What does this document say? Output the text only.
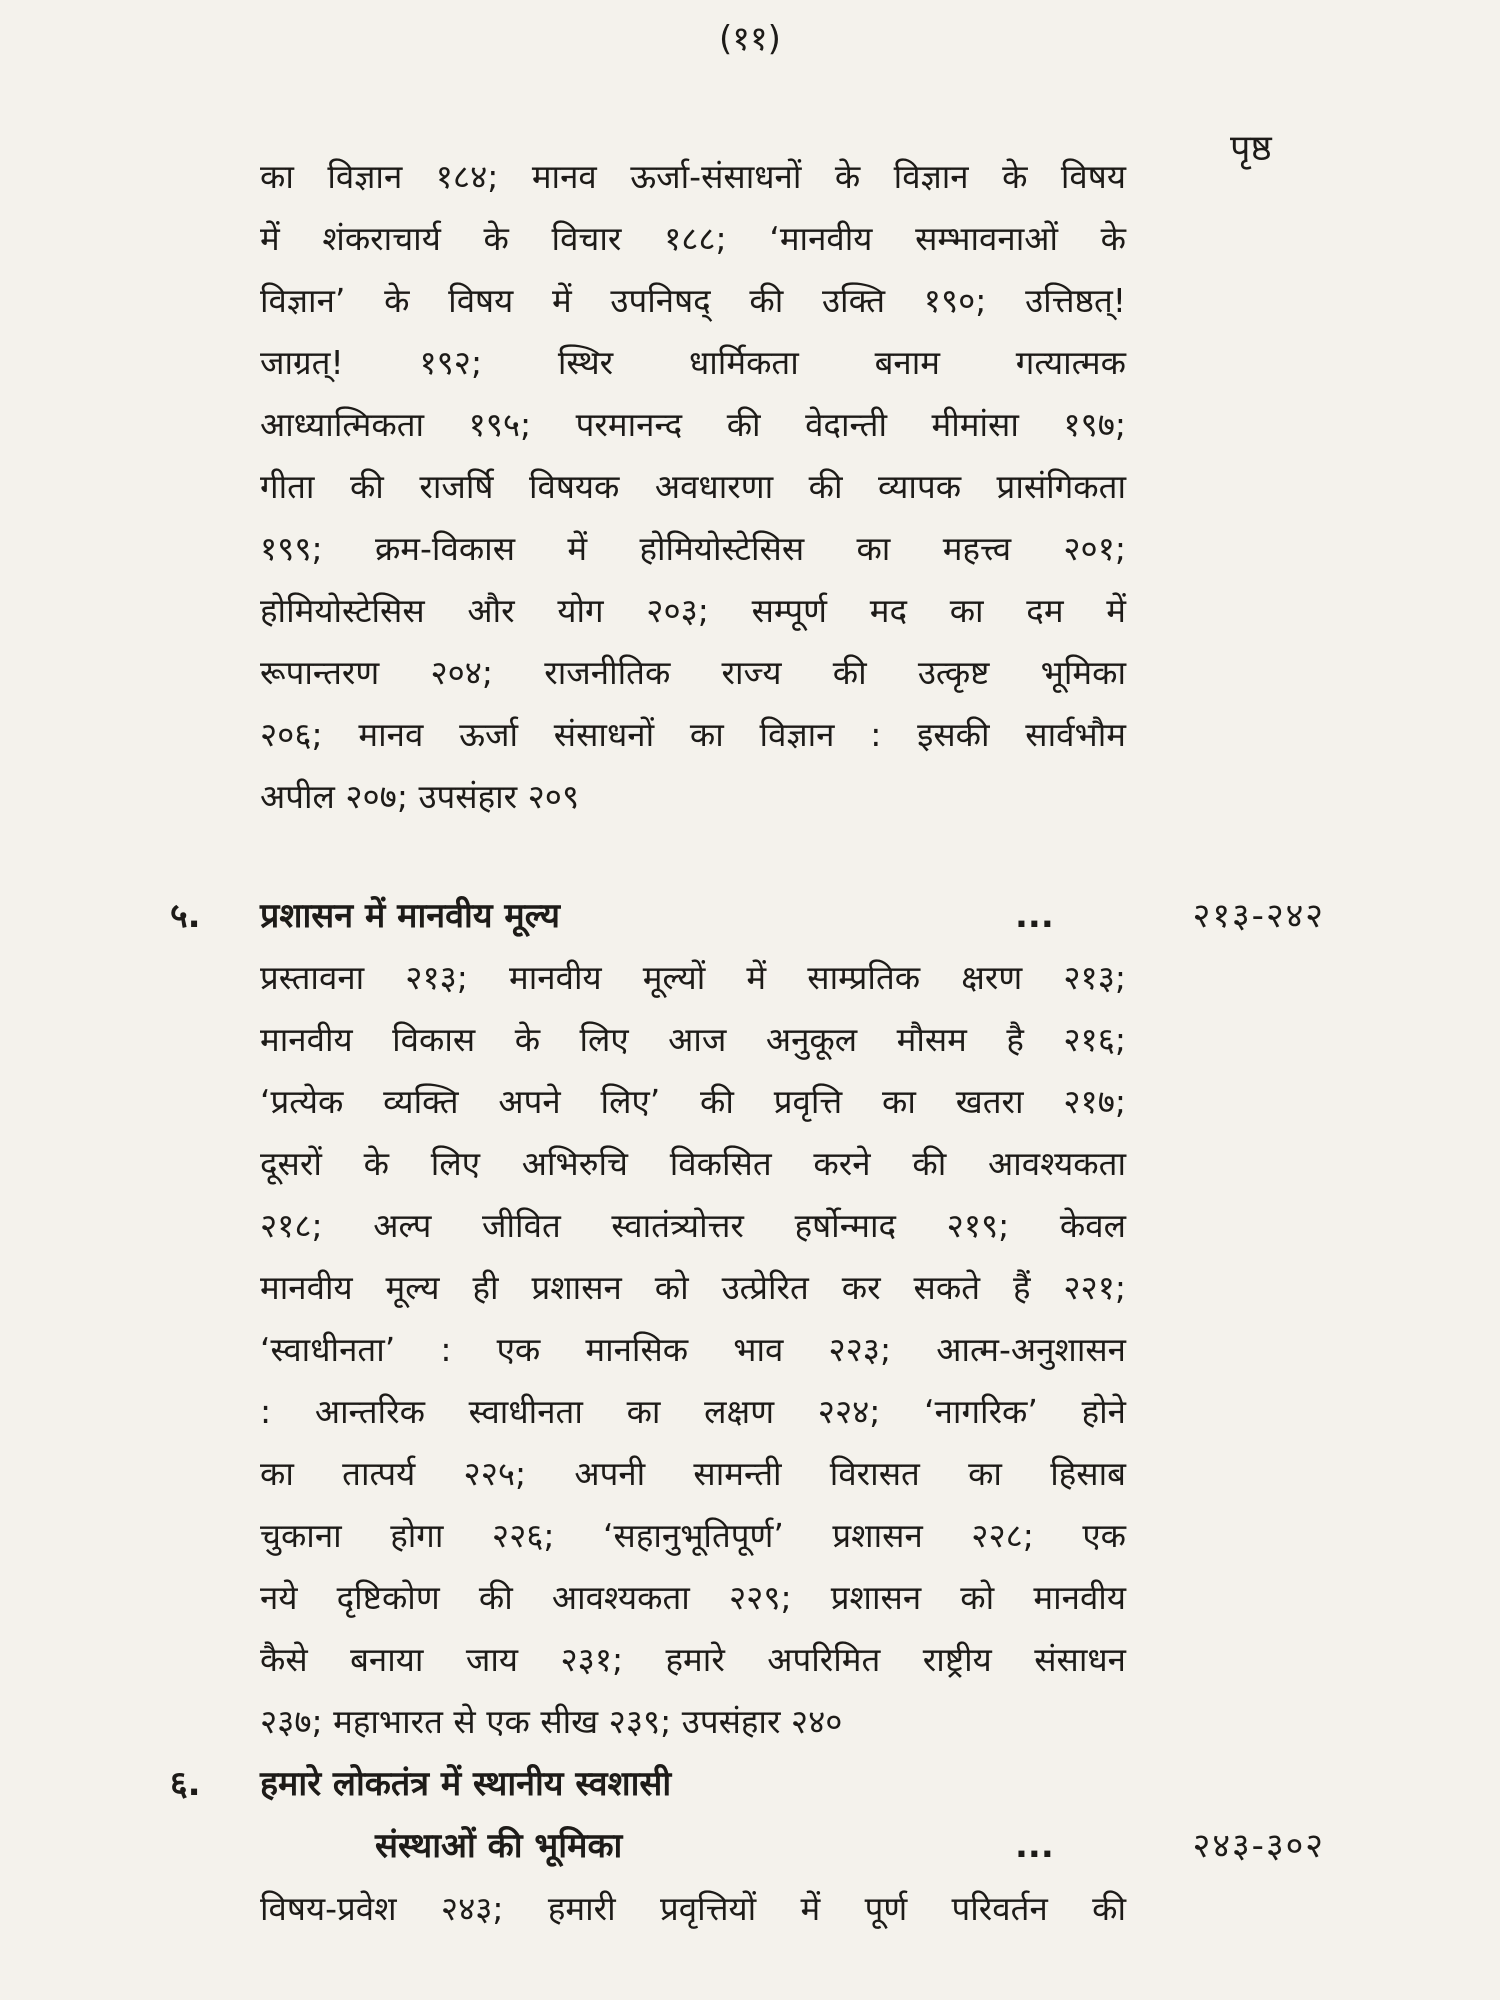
(११)
पृष्ठ
का विज्ञान १८४; मानव ऊर्जा-संसाधनों के विज्ञान के विषय
में शंकराचार्य के विचार १८८; ‘मानवीय सम्भावनाओं के
विज्ञान’ के विषय में उपनिषद् की उक्ति १९०; उत्तिष्ठत्!
जाग्रत्! १९२; स्थिर धार्मिकता बनाम गत्यात्मक
आध्यात्मिकता १९५; परमानन्द की वेदान्ती मीमांसा १९७;
गीता की राजर्षि विषयक अवधारणा की व्यापक प्रासंगिकता
१९९; क्रम-विकास में होमियोस्टेसिस का महत्त्व २०१;
होमियोस्टेसिस और योग २०३; सम्पूर्ण मद का दम में
रूपान्तरण २०४; राजनीतिक राज्य की उत्कृष्ट भूमिका
२०६; मानव ऊर्जा संसाधनों का विज्ञान : इसकी सार्वभौम
अपील २०७; उपसंहार २०९
५. प्रशासन में मानवीय मूल्य	...	२१३-२४२
प्रस्तावना २१३; मानवीय मूल्यों में साम्प्रतिक क्षरण २१३;
मानवीय विकास के लिए आज अनुकूल मौसम है २१६;
‘प्रत्येक व्यक्ति अपने लिए’ की प्रवृत्ति का खतरा २१७;
दूसरों के लिए अभिरुचि विकसित करने की आवश्यकता
२१८; अल्प जीवित स्वातंत्र्योत्तर हर्षोन्माद २१९; केवल
मानवीय मूल्य ही प्रशासन को उत्प्रेरित कर सकते हैं २२१;
‘स्वाधीनता’ : एक मानसिक भाव २२३; आत्म-अनुशासन
: आन्तरिक स्वाधीनता का लक्षण २२४; ‘नागरिक’ होने
का तात्पर्य २२५; अपनी सामन्ती विरासत का हिसाब
चुकाना होगा २२६; ‘सहानुभूतिपूर्ण’ प्रशासन २२८; एक
नये दृष्टिकोण की आवश्यकता २२९; प्रशासन को मानवीय
कैसे बनाया जाय २३१; हमारे अपरिमित राष्ट्रीय संसाधन
२३७; महाभारत से एक सीख २३९; उपसंहार २४०
६. हमारे लोकतंत्र में स्थानीय स्वशासी
संस्थाओं की भूमिका	...	२४३-३०२
विषय-प्रवेश २४३; हमारी प्रवृत्तियों में पूर्ण परिवर्तन की
